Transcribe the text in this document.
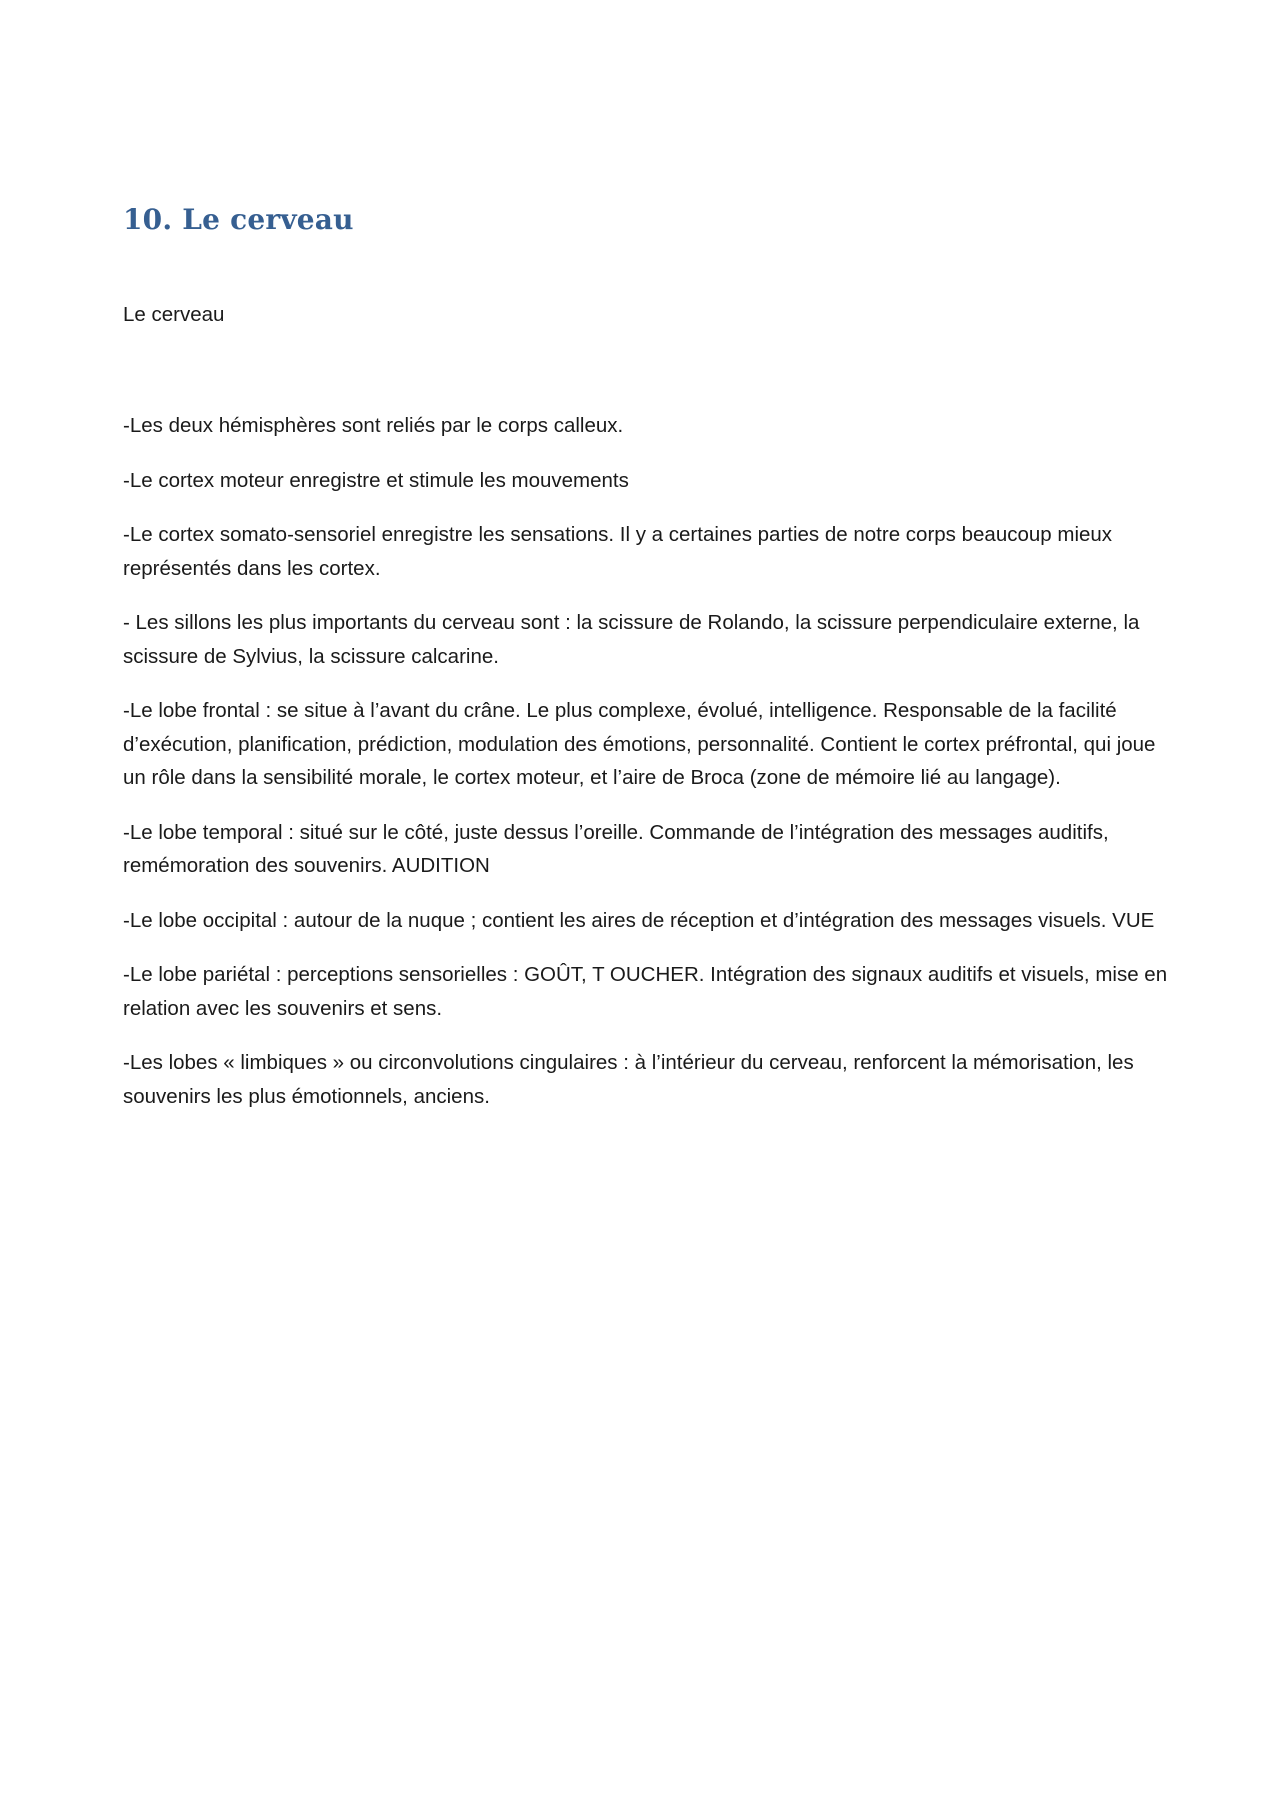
10. Le cerveau
Le cerveau

-Les deux hémisphères sont reliés par le corps calleux.

-Le cortex moteur enregistre et stimule les mouvements

-Le cortex somato-sensoriel enregistre les sensations. Il y a certaines parties de notre corps beaucoup mieux représentés dans les cortex.

- Les sillons les plus importants du cerveau sont : la scissure de Rolando, la scissure perpendiculaire externe, la scissure de Sylvius, la scissure calcarine.

-Le lobe frontal : se situe à l’avant du crâne. Le plus complexe, évolué, intelligence. Responsable de la facilité d’exécution, planification, prédiction, modulation des émotions, personnalité. Contient le cortex préfrontal, qui joue un rôle dans la sensibilité morale, le cortex moteur, et l’aire de Broca (zone de mémoire lié au langage).

-Le lobe temporal : situé sur le côté, juste dessus l’oreille. Commande de l’intégration des messages auditifs, remémoration des souvenirs. AUDITION

-Le lobe occipital : autour de la nuque ; contient les aires de réception et d’intégration des messages visuels. VUE

-Le lobe pariétal : perceptions sensorielles : GOÛT, T OUCHER. Intégration des signaux auditifs et visuels, mise en relation avec les souvenirs et sens.

-Les lobes « limbiques » ou circonvolutions cingulaires : à l’intérieur du cerveau, renforcent la mémorisation, les souvenirs les plus émotionnels, anciens.
